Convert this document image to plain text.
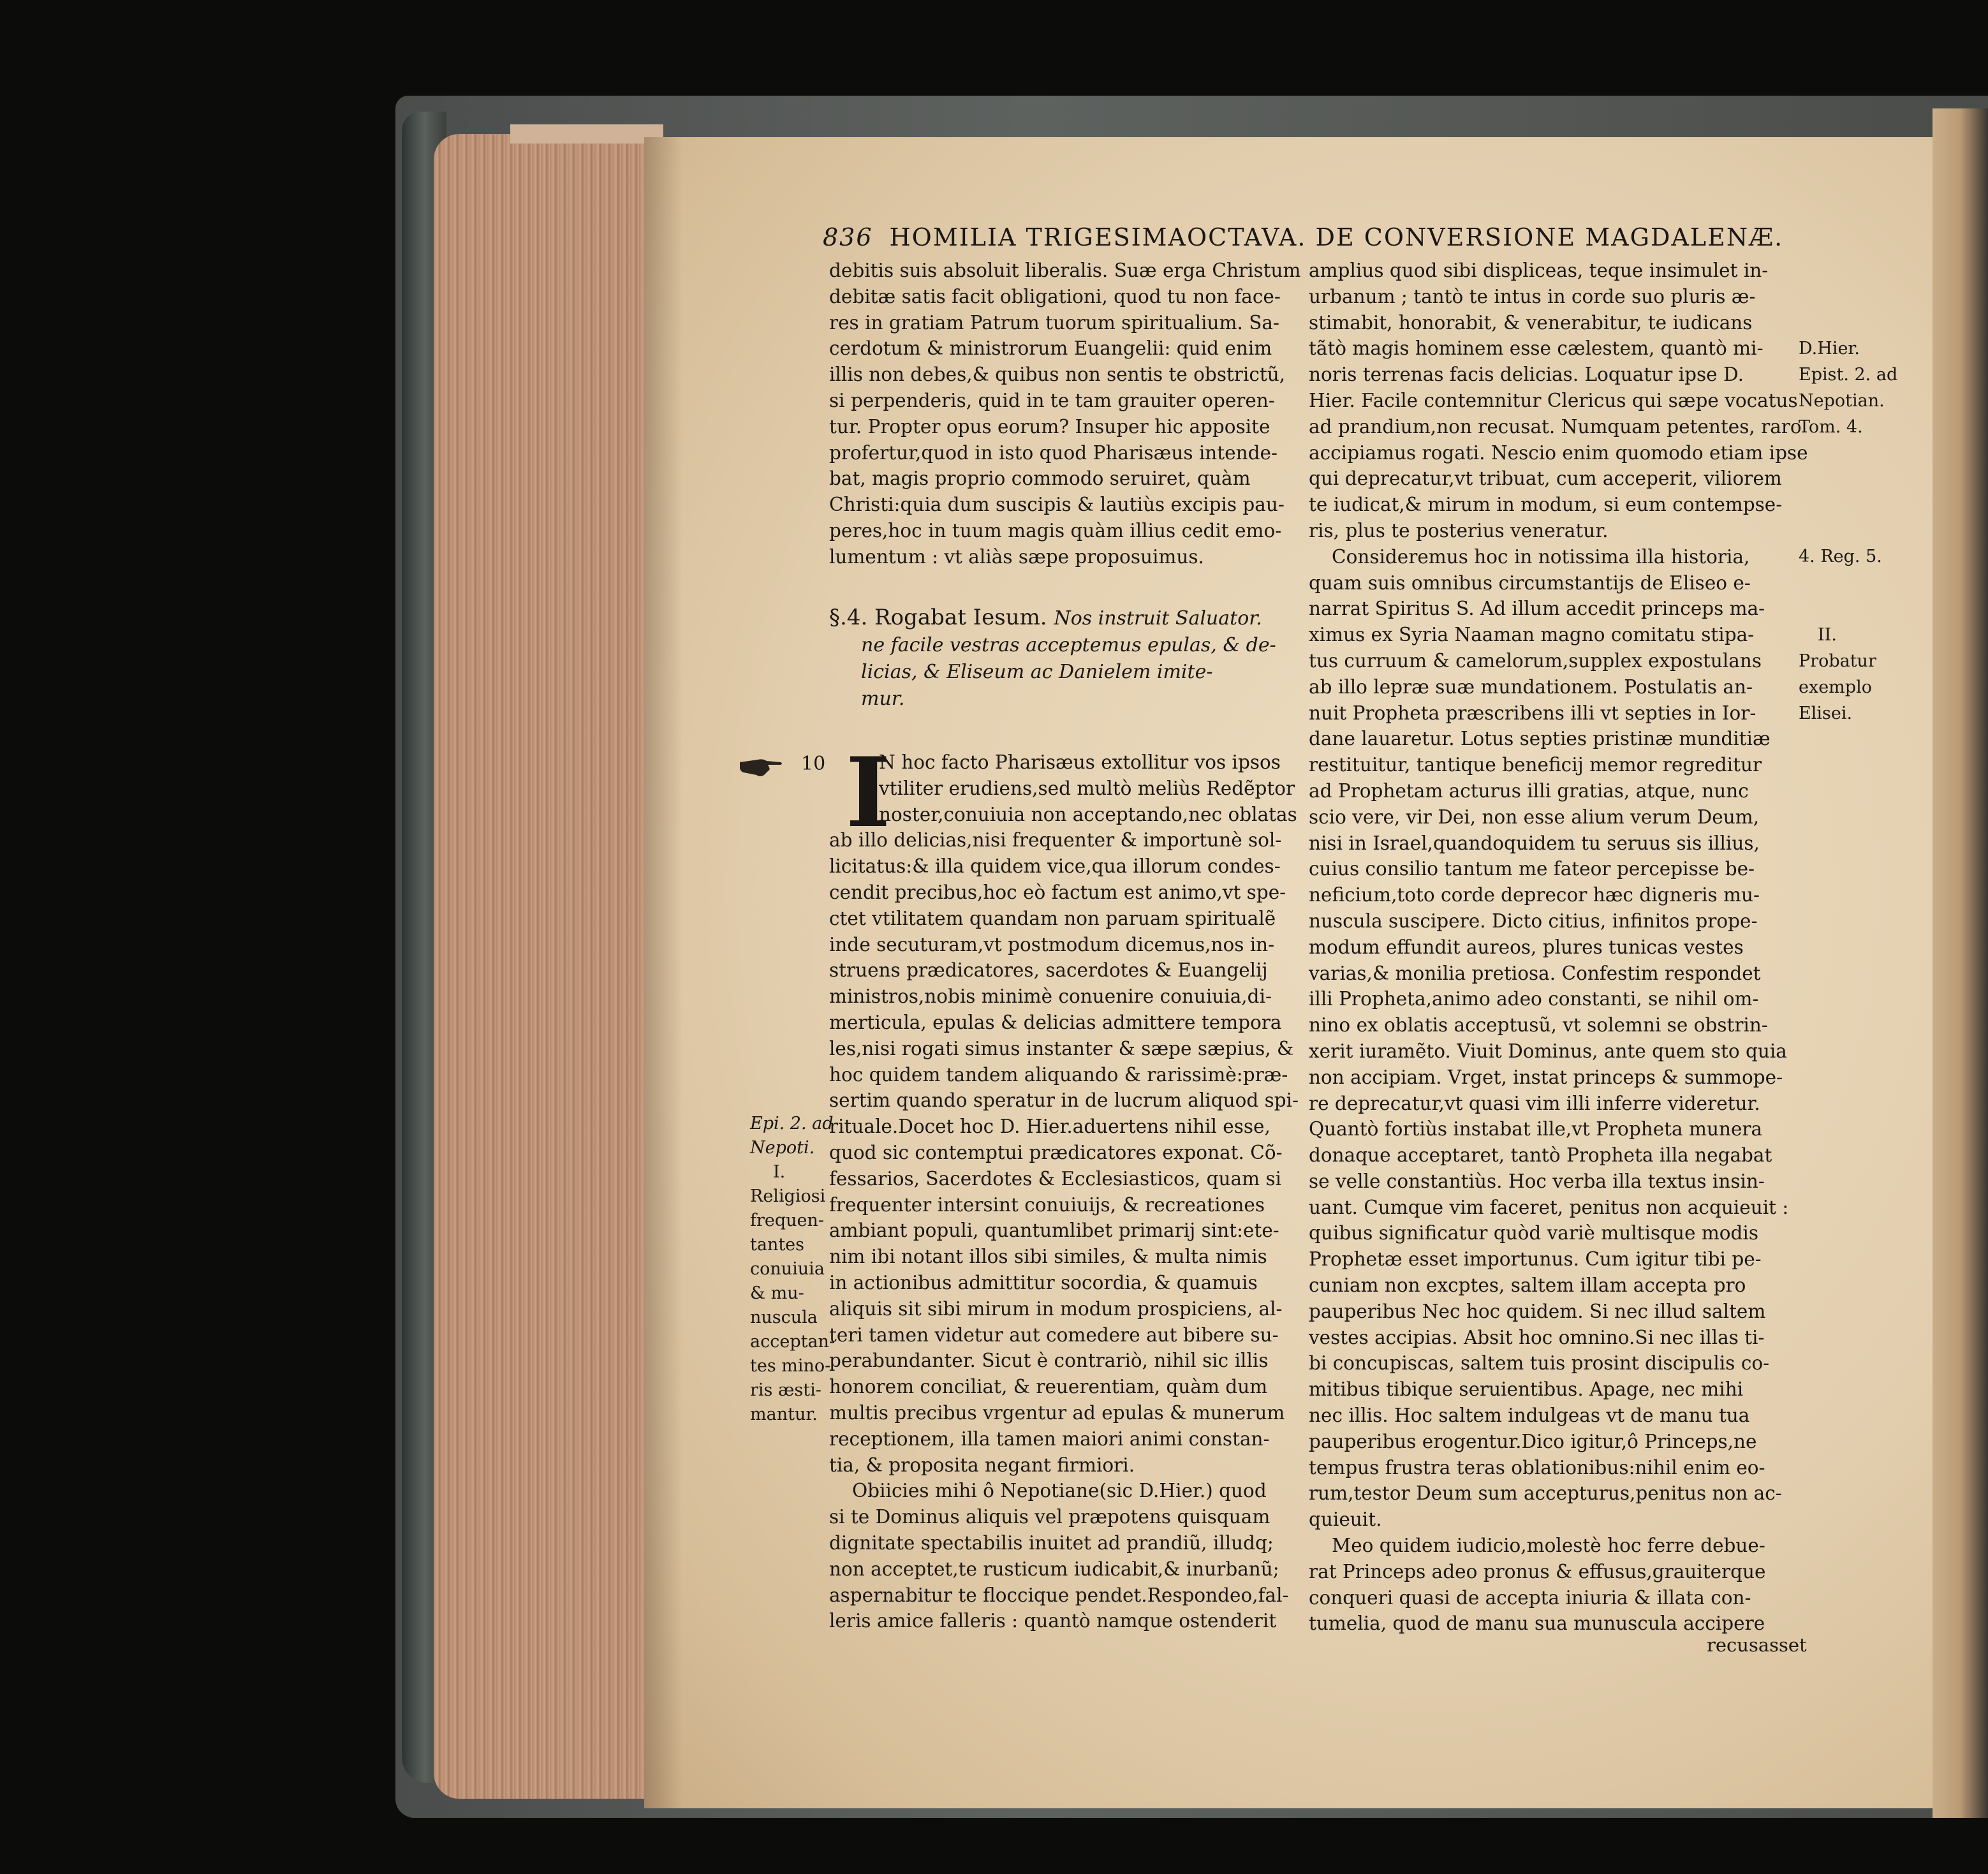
836 HOMILIA TRIGESIMAOCTAVA. DE CONVERSIONE MAGDALENÆ.
debitis suis absoluit liberalis. Suæ erga Christum
debitæ satis facit obligationi, quod tu non face-
res in gratiam Patrum tuorum spiritualium. Sa-
cerdotum & ministrorum Euangelii: quid enim
illis non debes,& quibus non sentis te obstrictũ,
si perpenderis, quid in te tam grauiter operen-
tur. Propter opus eorum? Insuper hic apposite
profertur,quod in isto quod Pharisæus intende-
bat, magis proprio commodo seruiret, quàm
Christi:quia dum suscipis & lautiùs excipis pau-
peres,hoc in tuum magis quàm illius cedit emo-
lumentum : vt aliàs sæpe proposuimus.
§.4. Rogabat Iesum. Nos instruit Saluator.
ne facile vestras acceptemus epulas, & de-
licias, & Eliseum ac Danielem imite-
mur.
10 I
N hoc facto Pharisæus extollitur vos ipsos
vtiliter erudiens,sed multò meliùs Redẽptor
noster,conuiuia non acceptando,nec oblatas
ab illo delicias,nisi frequenter & importunè sol-
licitatus:& illa quidem vice,qua illorum condes-
cendit precibus,hoc eò factum est animo,vt spe-
ctet vtilitatem quandam non paruam spiritualẽ
inde secuturam,vt postmodum dicemus,nos in-
struens prædicatores, sacerdotes & Euangelij
ministros,nobis minimè conuenire conuiuia,di-
merticula, epulas & delicias admittere tempora
les,nisi rogati simus instanter & sæpe sæpius, &
hoc quidem tandem aliquando & rarissimè:præ-
sertim quando speratur in de lucrum aliquod spi-
rituale.Docet hoc D. Hier.aduertens nihil esse,
quod sic contemptui prædicatores exponat. Cõ-
fessarios, Sacerdotes & Ecclesiasticos, quam si
frequenter intersint conuiuijs, & recreationes
ambiant populi, quantumlibet primarij sint:ete-
nim ibi notant illos sibi similes, & multa nimis
in actionibus admittitur socordia, & quamuis
aliquis sit sibi mirum in modum prospiciens, al-
teri tamen videtur aut comedere aut bibere su-
perabundanter. Sicut è contrariò, nihil sic illis
honorem conciliat, & reuerentiam, quàm dum
multis precibus vrgentur ad epulas & munerum
receptionem, illa tamen maiori animi constan-
tia, & proposita negant firmiori.
Obiicies mihi ô Nepotiane(sic D.Hier.) quod
si te Dominus aliquis vel præpotens quisquam
dignitate spectabilis inuitet ad prandiũ, illudq;
non acceptet,te rusticum iudicabit,& inurbanũ;
aspernabitur te floccique pendet.Respondeo,fal-
leris amice falleris : quantò namque ostenderit
Epi. 2. ad
Nepoti.
I.
Religiosi
frequen-
tantes
conuiuia
& mu-
nuscula
acceptan-
tes mino-
ris æsti-
mantur.
amplius quod sibi displiceas, teque insimulet in-
urbanum ; tantò te intus in corde suo pluris æ-
stimabit, honorabit, & venerabitur, te iudicans
tãtò magis hominem esse cælestem, quantò mi-
noris terrenas facis delicias. Loquatur ipse D.
Hier. Facile contemnitur Clericus qui sæpe vocatus
ad prandium,non recusat. Numquam petentes, raro
accipiamus rogati. Nescio enim quomodo etiam ipse
qui deprecatur,vt tribuat, cum acceperit, viliorem
te iudicat,& mirum in modum, si eum contempse-
ris, plus te posterius veneratur.
Consideremus hoc in notissima illa historia,
quam suis omnibus circumstantijs de Eliseo e-
narrat Spiritus S. Ad illum accedit princeps ma-
ximus ex Syria Naaman magno comitatu stipa-
tus curruum & camelorum,supplex expostulans
ab illo lepræ suæ mundationem. Postulatis an-
nuit Propheta præscribens illi vt septies in Ior-
dane lauaretur. Lotus septies pristinæ munditiæ
restituitur, tantique beneficij memor regreditur
ad Prophetam acturus illi gratias, atque, nunc
scio vere, vir Dei, non esse alium verum Deum,
nisi in Israel,quandoquidem tu seruus sis illius,
cuius consilio tantum me fateor percepisse be-
neficium,toto corde deprecor hæc digneris mu-
nuscula suscipere. Dicto citius, infinitos prope-
modum effundit aureos, plures tunicas vestes
varias,& monilia pretiosa. Confestim respondet
illi Propheta,animo adeo constanti, se nihil om-
nino ex oblatis acceptusũ, vt solemni se obstrin-
xerit iuramẽto. Viuit Dominus, ante quem sto quia
non accipiam. Vrget, instat princeps & summope-
re deprecatur,vt quasi vim illi inferre videretur.
Quantò fortiùs instabat ille,vt Propheta munera
donaque acceptaret, tantò Propheta illa negabat
se velle constantiùs. Hoc verba illa textus insin-
uant. Cumque vim faceret, penitus non acquieuit :
quibus significatur quòd variè multisque modis
Prophetæ esset importunus. Cum igitur tibi pe-
cuniam non excptes, saltem illam accepta pro
pauperibus Nec hoc quidem. Si nec illud saltem
vestes accipias. Absit hoc omnino.Si nec illas ti-
bi concupiscas, saltem tuis prosint discipulis co-
mitibus tibique seruientibus. Apage, nec mihi
nec illis. Hoc saltem indulgeas vt de manu tua
pauperibus erogentur.Dico igitur,ô Princeps,ne
tempus frustra teras oblationibus:nihil enim eo-
rum,testor Deum sum accepturus,penitus non ac-
quieuit.
Meo quidem iudicio,molestè hoc ferre debue-
rat Princeps adeo pronus & effusus,grauiterque
conqueri quasi de accepta iniuria & illata con-
tumelia, quod de manu sua munuscula accipere
D.Hier.
Epist. 2. ad
Nepotian.
Tom. 4.
4. Reg. 5.
II.
Probatur
exemplo
Elisei.
recusasset
